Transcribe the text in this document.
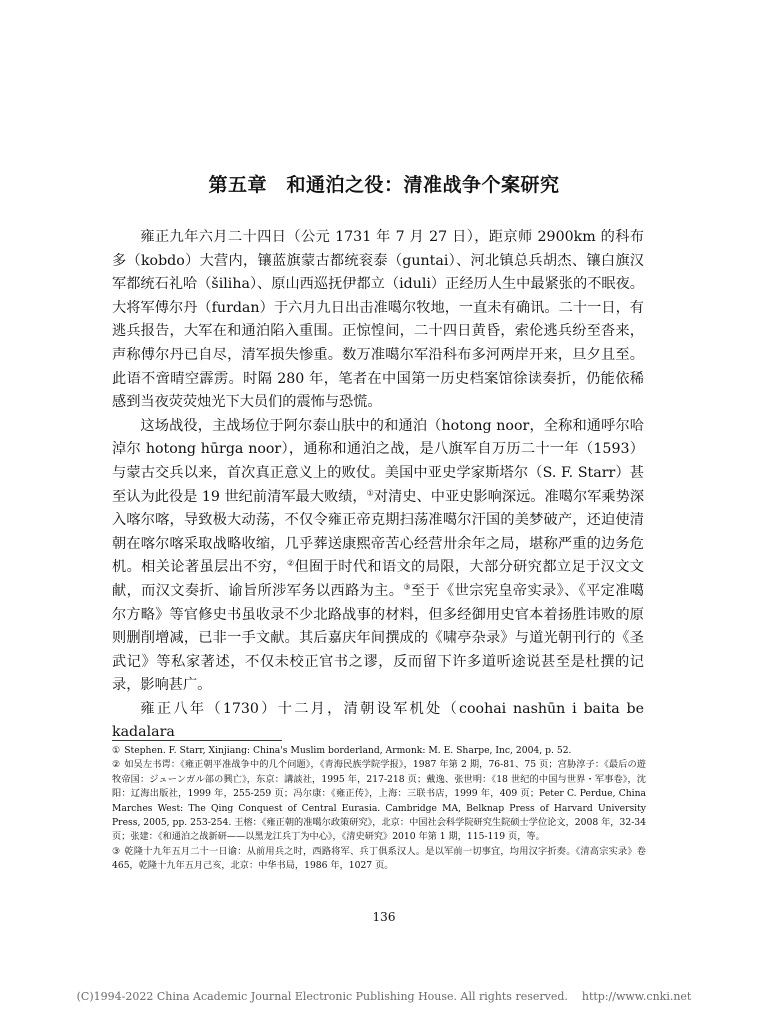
第五章　和通泊之役：清准战争个案研究

雍正九年六月二十四日（公元 1731 年 7 月 27 日），距京师 2900km 的科布多（kobdo）大营内，镶蓝旗蒙古都统衮泰（guntai）、河北镇总兵胡杰、镶白旗汉军都统石礼哈（šiliha）、原山西巡抚伊都立（iduli）正经历人生中最紧张的不眠夜。大将军傅尔丹（furdan）于六月九日出击准噶尔牧地，一直未有确讯。二十一日，有逃兵报告，大军在和通泊陷入重围。正惊惶间，二十四日黄昏，索伦逃兵纷至沓来，声称傅尔丹已自尽，清军损失惨重。数万准噶尔军沿科布多河两岸开来，旦夕且至。此语不啻晴空霹雳。时隔 280 年，笔者在中国第一历史档案馆徐读奏折，仍能依稀感到当夜荧荧烛光下大员们的震怖与恐慌。

这场战役，主战场位于阿尔泰山肤中的和通泊（hotong noor，全称和通呼尔哈淖尔 hotong hūrga noor），通称和通泊之战，是八旗军自万历二十一年（1593）与蒙古交兵以来，首次真正意义上的败仗。美国中亚史学家斯塔尔（S. F. Starr）甚至认为此役是 19 世纪前清军最大败绩，①对清史、中亚史影响深远。准噶尔军乘势深入喀尔喀，导致极大动荡，不仅令雍正帝克期扫荡准噶尔汗国的美梦破产，还迫使清朝在喀尔喀采取战略收缩，几乎葬送康熙帝苦心经营卅余年之局，堪称严重的边务危机。相关论著虽层出不穷，②但囿于时代和语文的局限，大部分研究都立足于汉文文献，而汉文奏折、谕旨所涉军务以西路为主。③至于《世宗宪皇帝实录》、《平定准噶尔方略》等官修史书虽收录不少北路战事的材料，但多经御用史官本着扬胜讳败的原则删削增减，已非一手文献。其后嘉庆年间撰成的《啸亭杂录》与道光朝刊行的《圣武记》等私家著述，不仅未校正官书之谬，反而留下许多道听途说甚至是杜撰的记录，影响甚广。

雍正八年（1730）十二月，清朝设军机处（coohai nashūn i baita be kadalara

① Stephen. F. Starr, Xinjiang: China's Muslim borderland, Armonk: M. E. Sharpe, Inc, 2004, p. 52.

② 如吴左书谔：《雍正朝平准战争中的几个问题》，《青海民族学院学报》，1987 年第 2 期，76-81、75 页；宫胁淳子：《最后の遊牧帝国：ジューンガル部の興亡》，东京：講談社，1995 年，217-218 页；戴逸、张世明：《18 世纪的中国与世界・军事卷》，沈阳：辽海出版社，1999 年，255-259 页；冯尔康：《雍正传》，上海：三联书店，1999 年，409 页；Peter C. Perdue, China Marches West: The Qing Conquest of Central Eurasia. Cambridge MA, Belknap Press of Harvard University Press, 2005, pp. 253-254. 王榕：《雍正朝的准噶尔政策研究》，北京：中国社会科学院研究生院硕士学位论文，2008 年，32-34 页；张建：《和通泊之战新研——以黑龙江兵丁为中心》，《清史研究》2010 年第 1 期，115-119 页，等。

③ 乾隆十九年五月二十一日谕：从前用兵之时，西路将军、兵丁俱系汉人。是以军前一切事宜，均用汉字折奏。《清高宗实录》卷 465，乾隆十九年五月己亥，北京：中华书局，1986 年，1027 页。

136
(C)1994-2022 China Academic Journal Electronic Publishing House. All rights reserved.    http://www.cnki.net
